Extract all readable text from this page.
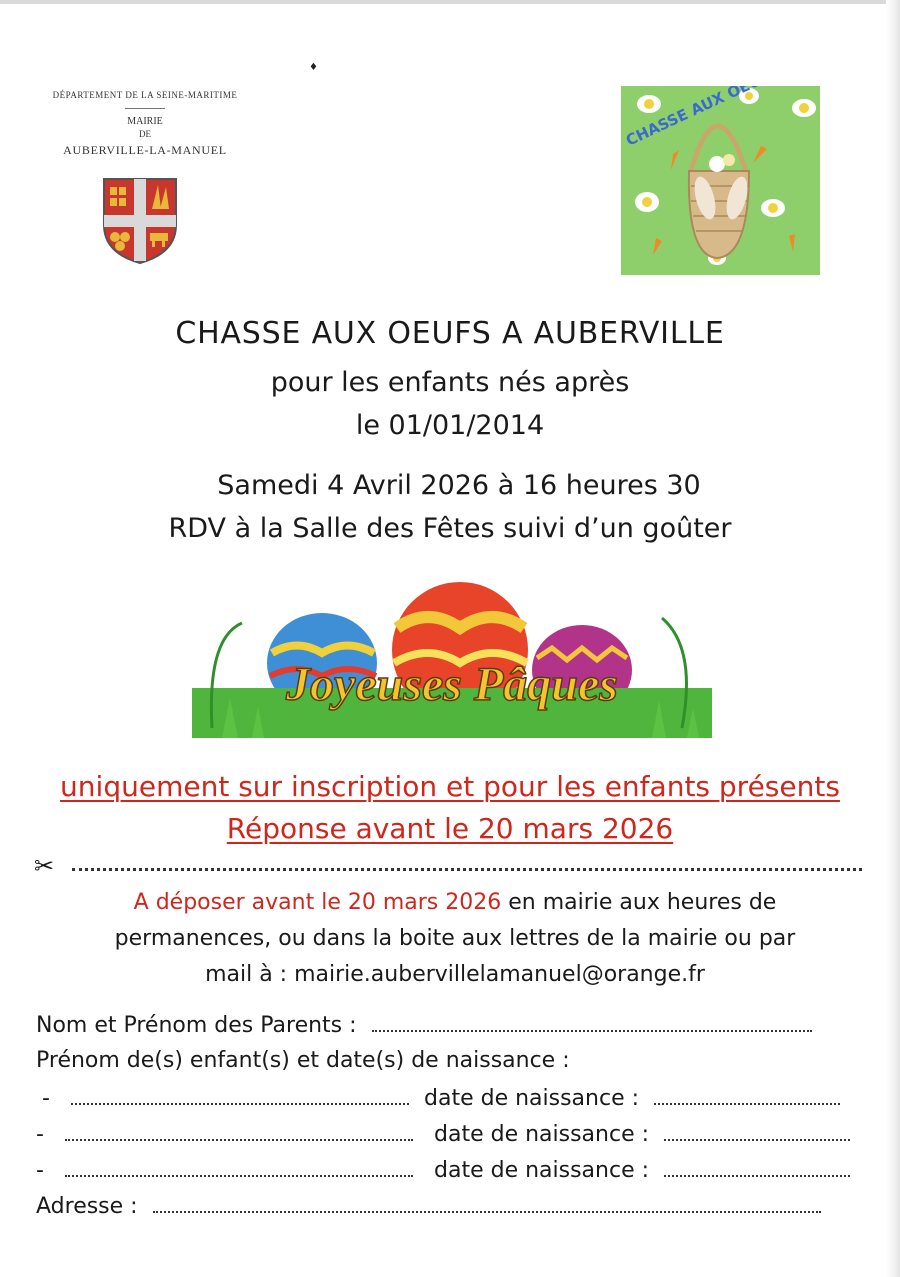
♦
DÉPARTEMENT DE LA SEINE-MARITIME
MAIRIE
DE
AUBERVILLE-LA-MANUEL
CHASSE AUX OEUFS A AUBERVILLE
pour les enfants nés après
le 01/01/2014
Samedi 4 Avril 2026 à 16 heures 30
RDV à la Salle des Fêtes suivi d’un goûter
Joyeuses Pâques
uniquement sur inscription et pour les enfants présents
Réponse avant le 20 mars 2026
✂
A déposer avant le 20 mars 2026 en mairie aux heures de
permanences, ou dans la boite aux lettres de la mairie ou par
mail à : mairie.aubervillelamanuel@orange.fr
Nom et Prénom des Parents :
Prénom de(s) enfant(s) et date(s) de naissance :
-	date de naissance :
-	date de naissance :
-	date de naissance :
Adresse :
